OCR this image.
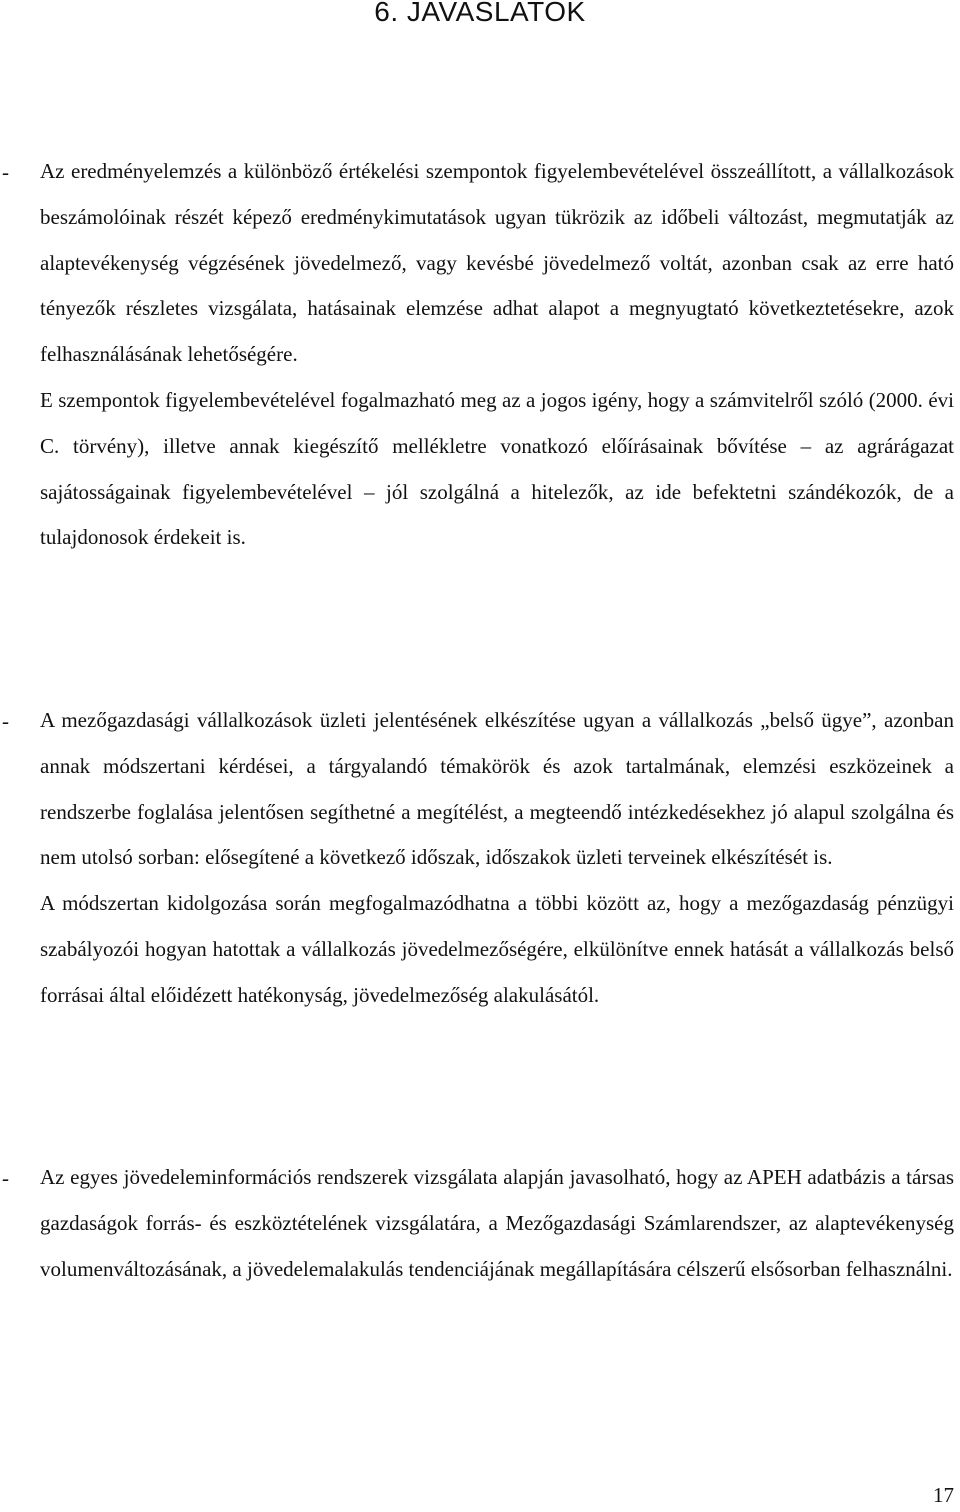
6. JAVASLATOK
- Az eredményelemzés a különböző értékelési szempontok figyelembevételével összeállított, a vállalkozások beszámolóinak részét képező eredménykimutatások ugyan tükrözik az időbeli változást, megmutatják az alaptevékenység végzésének jövedelmező, vagy kevésbé jövedelmező voltát, azonban csak az erre ható tényezők részletes vizsgálata, hatásainak elemzése adhat alapot a megnyugtató következtetésekre, azok felhasználásának lehetőségére.

E szempontok figyelembevételével fogalmazható meg az a jogos igény, hogy a számvitelről szóló (2000. évi C. törvény), illetve annak kiegészítő mellékletre vonatkozó előírásainak bővítése – az agrárágazat sajátosságainak figyelembevételével – jól szolgálná a hitelezők, az ide befektetni szándékozók, de a tulajdonosok érdekeit is.

- A mezőgazdasági vállalkozások üzleti jelentésének elkészítése ugyan a vállalkozás „belső ügye”, azonban annak módszertani kérdései, a tárgyalandó témakörök és azok tartalmának, elemzési eszközeinek a rendszerbe foglalása jelentősen segíthetné a megítélést, a megteendő intézkedésekhez jó alapul szolgálna és nem utolsó sorban: elősegítené a következő időszak, időszakok üzleti terveinek elkészítését is.

A módszertan kidolgozása során megfogalmazódhatna a többi között az, hogy a mezőgazdaság pénzügyi szabályozói hogyan hatottak a vállalkozás jövedelmezőségére, elkülönítve ennek hatását a vállalkozás belső forrásai által előidézett hatékonyság, jövedelmezőség alakulásától.

- Az egyes jövedeleminformációs rendszerek vizsgálata alapján javasolható, hogy az APEH adatbázis a társas gazdaságok forrás- és eszköztételének vizsgálatára, a Mezőgazdasági Számlarendszer, az alaptevékenység volumenváltozásának, a jövedelemalakulás tendenciájának megállapítására célszerű elsősorban felhasználni.

17
